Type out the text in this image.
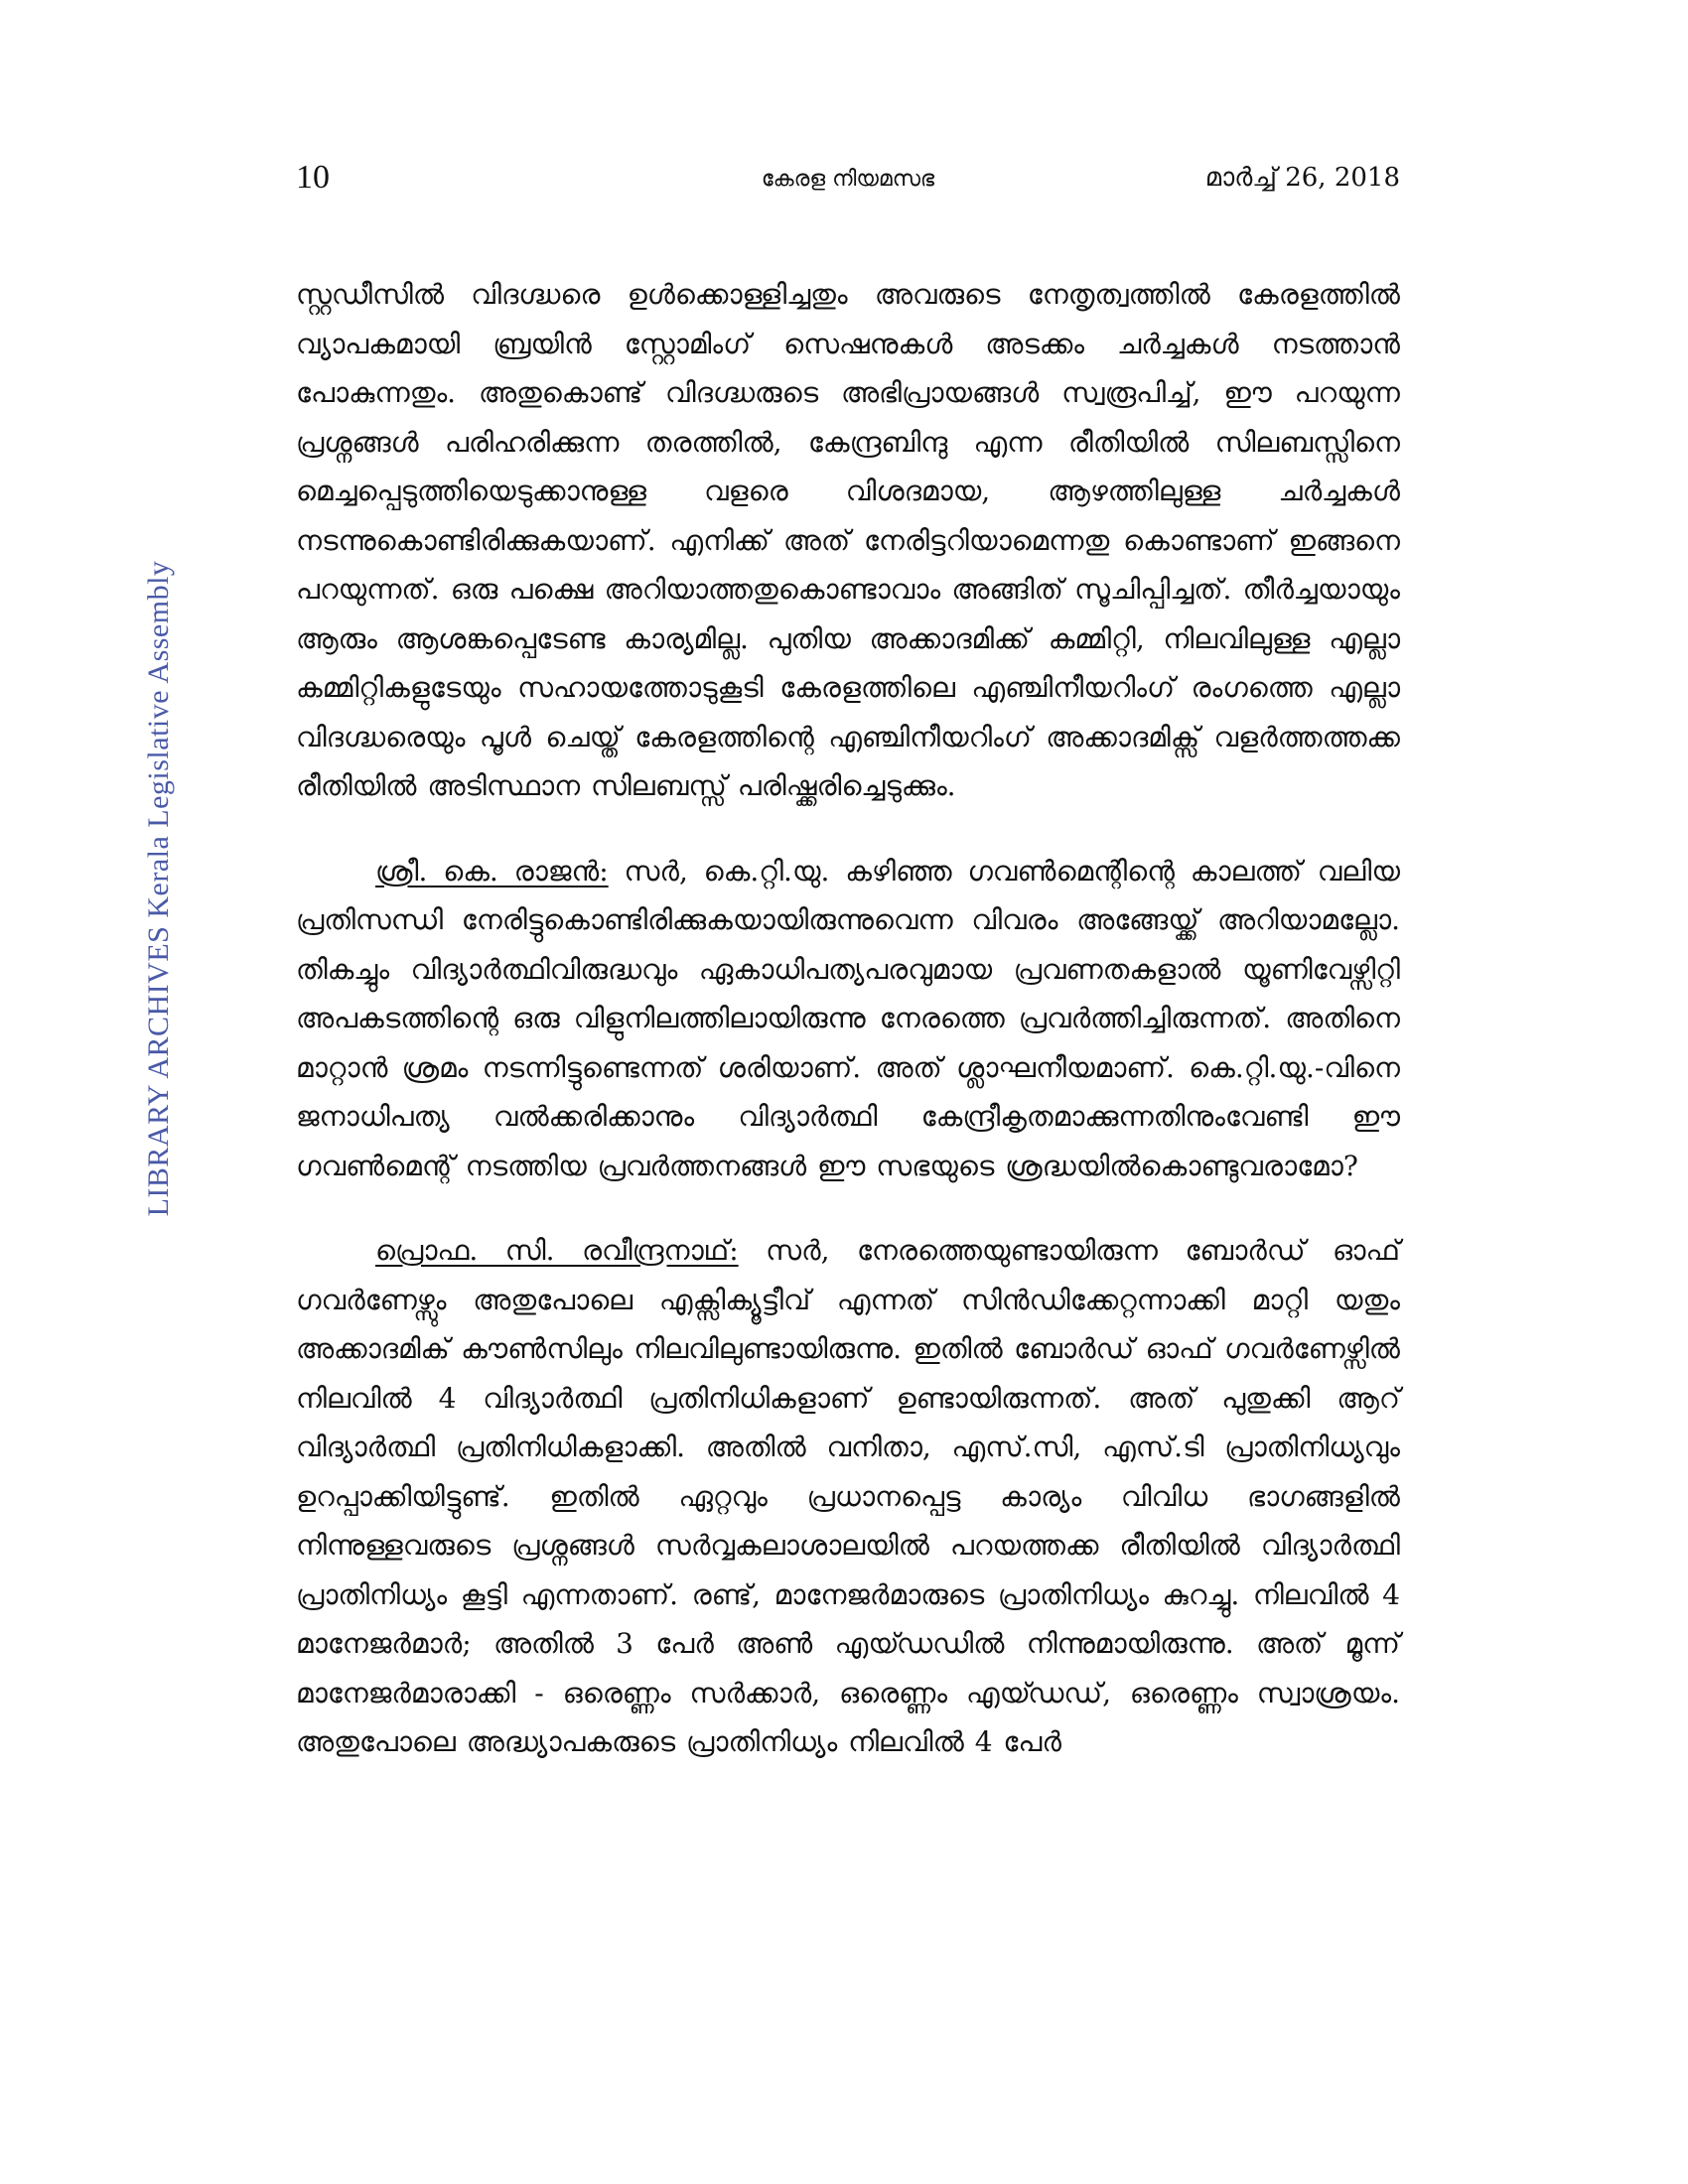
10	കേരള നിയമസഭ	മാർച്ച് 26, 2018
LIBRARY ARCHIVES Kerala Legislative Assembly

സ്റ്റഡീസിൽ വിദഗ്ദ്ധരെ ഉൾക്കൊള്ളിച്ചതും അവരുടെ നേതൃത്വത്തിൽ കേരളത്തിൽ വ്യാപകമായി ബ്രയിൻ സ്റ്റോമിംഗ് സെഷനുകൾ അടക്കം ചർച്ചകൾ നടത്താൻ പോകുന്നതും. അതുകൊണ്ട് വിദഗ്ദ്ധരുടെ അഭിപ്രായങ്ങൾ സ്വരൂപിച്ച്, ഈ പറയുന്ന പ്രശ്നങ്ങൾ പരിഹരിക്കുന്ന തരത്തിൽ, കേന്ദ്രബിന്ദു എന്ന രീതിയിൽ സിലബസ്സിനെ മെച്ചപ്പെടുത്തിയെടുക്കാനുള്ള വളരെ വിശദമായ, ആഴത്തിലുള്ള ചർച്ചകൾ നടന്നുകൊണ്ടിരിക്കുകയാണ്. എനിക്ക് അത് നേരിട്ടറിയാമെന്നതു കൊണ്ടാണ് ഇങ്ങനെ പറയുന്നത്. ഒരു പക്ഷെ അറിയാത്തതുകൊണ്ടാവാം അങ്ങിത് സൂചിപ്പിച്ചത്. തീർച്ചയായും ആരും ആശങ്കപ്പെടേണ്ട കാര്യമില്ല. പുതിയ അക്കാദമിക്ക് കമ്മിറ്റി, നിലവിലുള്ള എല്ലാ കമ്മിറ്റികളുടേയും സഹായത്തോടുകൂടി കേരളത്തിലെ എഞ്ചിനീയറിംഗ് രംഗത്തെ എല്ലാ വിദഗ്ദ്ധരെയും പൂൾ ചെയ്ത് കേരളത്തിന്റെ എഞ്ചിനീയറിംഗ് അക്കാദമിക്സ് വളർത്തത്തക്ക രീതിയിൽ അടിസ്ഥാന സിലബസ്സ് പരിഷ്ക്കരിച്ചെടുക്കും.

ശ്രീ. കെ. രാജൻ: സർ, കെ.റ്റി.യു. കഴിഞ്ഞ ഗവൺമെന്റിന്റെ കാലത്ത് വലിയ പ്രതിസന്ധി നേരിട്ടുകൊണ്ടിരിക്കുകയായിരുന്നുവെന്ന വിവരം അങ്ങേയ്ക്ക് അറിയാമല്ലോ. തികച്ചും വിദ്യാർത്ഥിവിരുദ്ധവും ഏകാധിപത്യപരവുമായ പ്രവണതകളാൽ യൂണിവേഴ്സിറ്റി അപകടത്തിന്റെ ഒരു വിളുനിലത്തിലായിരുന്നു നേരത്തെ പ്രവർത്തിച്ചിരുന്നത്. അതിനെ മാറ്റാൻ ശ്രമം നടന്നിട്ടുണ്ടെന്നത് ശരിയാണ്. അത് ശ്ലാഘനീയമാണ്. കെ.റ്റി.യു.-വിനെ ജനാധിപത്യ വൽക്കരിക്കാനും വിദ്യാർത്ഥി കേന്ദ്രീകൃതമാക്കുന്നതിനുംവേണ്ടി ഈ ഗവൺമെന്റ് നടത്തിയ പ്രവർത്തനങ്ങൾ ഈ സഭയുടെ ശ്രദ്ധയിൽകൊണ്ടുവരാമോ?

പ്രൊഫ. സി. രവീന്ദ്രനാഥ്: സർ, നേരത്തെയുണ്ടായിരുന്ന ബോർഡ് ഓഫ് ഗവർണേഴ്സും അതുപോലെ എക്സിക്യൂട്ടീവ് എന്നത് സിൻഡിക്കേറ്റന്നാക്കി മാറ്റി യതും അക്കാദമിക് കൗൺസിലും നിലവിലുണ്ടായിരുന്നു. ഇതിൽ ബോർഡ് ഓഫ് ഗവർണേഴ്സിൽ നിലവിൽ 4 വിദ്യാർത്ഥി പ്രതിനിധികളാണ് ഉണ്ടായിരുന്നത്. അത് പുതുക്കി ആറ് വിദ്യാർത്ഥി പ്രതിനിധികളാക്കി. അതിൽ വനിതാ, എസ്.സി, എസ്.ടി പ്രാതിനിധ്യവും ഉറപ്പാക്കിയിട്ടുണ്ട്. ഇതിൽ ഏറ്റവും പ്രധാനപ്പെട്ട കാര്യം വിവിധ ഭാഗങ്ങളിൽ നിന്നുള്ളവരുടെ പ്രശ്നങ്ങൾ സർവ്വകലാശാലയിൽ പറയത്തക്ക രീതിയിൽ വിദ്യാർത്ഥി പ്രാതിനിധ്യം കൂട്ടി എന്നതാണ്. രണ്ട്, മാനേജർമാരുടെ പ്രാതിനിധ്യം കുറച്ചു. നിലവിൽ 4 മാനേജർമാർ; അതിൽ 3 പേർ അൺ എയ്ഡഡിൽ നിന്നുമായിരുന്നു. അത് മൂന്ന് മാനേജർമാരാക്കി - ഒരെണ്ണം സർക്കാർ, ഒരെണ്ണം എയ്ഡഡ്, ഒരെണ്ണം സ്വാശ്രയം. അതുപോലെ അദ്ധ്യാപകരുടെ പ്രാതിനിധ്യം നിലവിൽ 4 പേർ
